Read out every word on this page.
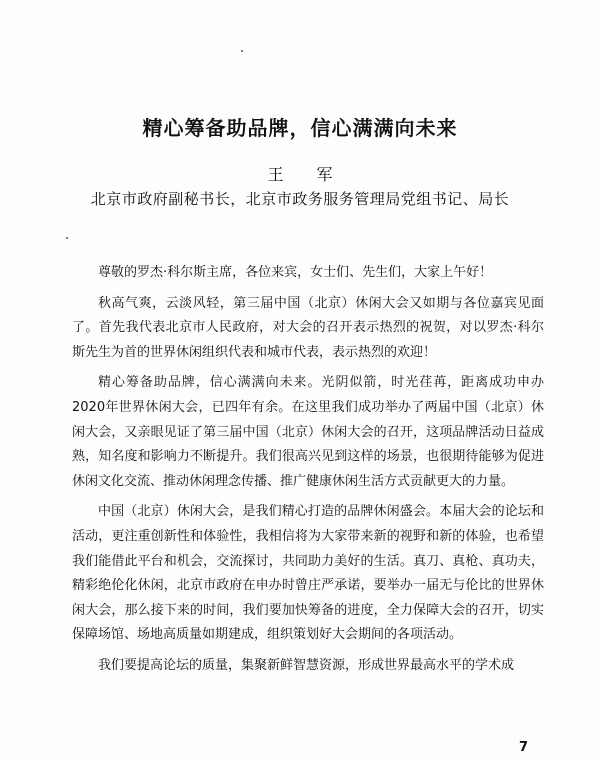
精心筹备助品牌，信心满满向未来
王 军
北京市政府副秘书长，北京市政务服务管理局党组书记、局长

尊敬的罗杰·科尔斯主席，各位来宾，女士们、先生们，大家上午好！

秋高气爽，云淡风轻，第三届中国（北京）休闲大会又如期与各位嘉宾见面了。首先我代表北京市人民政府，对大会的召开表示热烈的祝贺，对以罗杰·科尔斯先生为首的世界休闲组织代表和城市代表，表示热烈的欢迎！

精心筹备助品牌，信心满满向未来。光阴似箭，时光荏苒，距离成功申办2020年世界休闲大会，已四年有余。在这里我们成功举办了两届中国（北京）休闲大会，又亲眼见证了第三届中国（北京）休闲大会的召开，这项品牌活动日益成熟，知名度和影响力不断提升。我们很高兴见到这样的场景，也很期待能够为促进休闲文化交流、推动休闲理念传播、推广健康休闲生活方式贡献更大的力量。

中国（北京）休闲大会，是我们精心打造的品牌休闲盛会。本届大会的论坛和活动，更注重创新性和体验性，我相信将为大家带来新的视野和新的体验，也希望我们能借此平台和机会，交流探讨，共同助力美好的生活。真刀、真枪、真功夫，精彩绝伦化休闲，北京市政府在申办时曾庄严承诺，要举办一届无与伦比的世界休闲大会，那么接下来的时间，我们要加快筹备的进度，全力保障大会的召开，切实保障场馆、场地高质量如期建成，组织策划好大会期间的各项活动。

我们要提高论坛的质量，集聚新鲜智慧资源，形成世界最高水平的学术成

7
